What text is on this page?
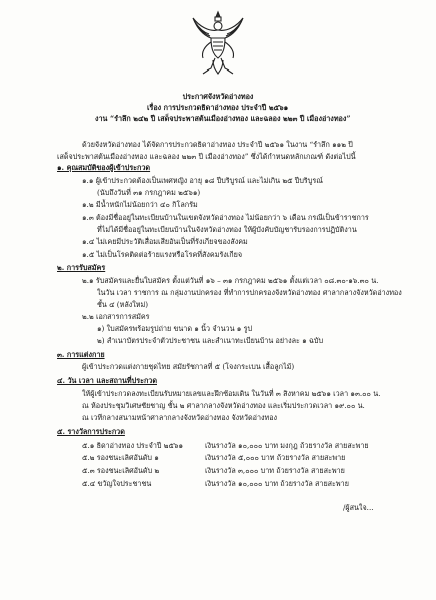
ประกาศจังหวัดอ่างทอง
เรื่อง การประกวดธิดาอ่างทอง ประจำปี ๒๕๖๑
งาน “รำลึก ๒๔๒ ปี เสด็จประพาสต้นเมืองอ่างทอง และฉลอง ๒๒๓ ปี เมืองอ่างทอง”
ด้วยจังหวัดอ่างทอง ได้จัดการประกวดธิดาอ่างทอง ประจำปี ๒๕๖๑ ในงาน “รำลึก ๑๑๒ ปี
เสด็จประพาสต้นเมืองอ่างทอง และฉลอง ๒๒๓ ปี เมืองอ่างทอง” ซึ่งได้กำหนดหลักเกณฑ์ ดังต่อไปนี้
๑. คุณสมบัติของผู้เข้าประกวด
๑.๑ ผู้เข้าประกวดต้องเป็นเพศหญิง อายุ ๑๘ ปีบริบูรณ์ และไม่เกิน ๒๕ ปีบริบูรณ์
(นับถึงวันที่ ๓๑ กรกฎาคม ๒๕๖๑)
๑.๒ มีน้ำหนักไม่น้อยกว่า ๔๐ กิโลกรัม
๑.๓ ต้องมีชื่ออยู่ในทะเบียนบ้านในเขตจังหวัดอ่างทอง ไม่น้อยกว่า ๖ เดือน กรณีเป็นข้าราชการ
ที่ไม่ได้มีชื่ออยู่ในทะเบียนบ้านในจังหวัดอ่างทอง ให้ผู้บังคับบัญชารับรองการปฏิบัติงาน
๑.๔ ไม่เคยมีประวัติเสื่อมเสียอันเป็นที่รังเกียจของสังคม
๑.๕ ไม่เป็นโรคติดต่อร้ายแรงหรือโรคที่สังคมรังเกียจ
๒. การรับสมัคร
๒.๑ รับสมัครและยื่นใบสมัคร ตั้งแต่วันที่ ๑๖ – ๓๑ กรกฎาคม ๒๕๖๑ ตั้งแต่เวลา ๐๘.๓๐-๑๖.๓๐ น.
ในวัน เวลา ราชการ ณ กลุ่มงานปกครอง ที่ทำการปกครองจังหวัดอ่างทอง ศาลากลางจังหวัดอ่างทอง
ชั้น ๔ (หลังใหม่)
๒.๒ เอกสารการสมัคร
๑) ใบสมัครพร้อมรูปถ่าย ขนาด ๑ นิ้ว จำนวน ๑ รูป
๒) สำเนาบัตรประจำตัวประชาชน และสำเนาทะเบียนบ้าน อย่างละ ๑ ฉบับ
๓. การแต่งกาย
ผู้เข้าประกวดแต่งกายชุดไทย สมัยรัชกาลที่ ๕ (โจงกระเบน เสื้อลูกไม้)
๔. วัน เวลา และสถานที่ประกวด
ให้ผู้เข้าประกวดลงทะเบียนรับหมายเลขและฝึกซ้อมเดิน ในวันที่ ๓ สิงหาคม ๒๕๖๑ เวลา ๑๓.๐๐ น.
ณ ห้องประชุมวิเศษชัยชาญ ชั้น ๒ ศาลากลางจังหวัดอ่างทอง และเริ่มประกวดเวลา ๑๙.๐๐ น.
ณ เวทีกลางสนามหน้าศาลากลางจังหวัดอ่างทอง จังหวัดอ่างทอง
๕. รางวัลการประกวด
๕.๑ ธิดาอ่างทอง ประจำปี ๒๕๖๑	เงินรางวัล ๑๐,๐๐๐ บาท มงกุฎ ถ้วยรางวัล สายสะพาย
๕.๒ รองชนะเลิศอันดับ ๑	เงินรางวัล ๕,๐๐๐ บาท ถ้วยรางวัล สายสะพาย
๕.๓ รองชนะเลิศอันดับ ๒	เงินรางวัล ๓,๐๐๐ บาท ถ้วยรางวัล สายสะพาย
๕.๔ ขวัญใจประชาชน	เงินรางวัล ๑๐,๐๐๐ บาท ถ้วยรางวัล สายสะพาย
/ผู้สนใจ...
